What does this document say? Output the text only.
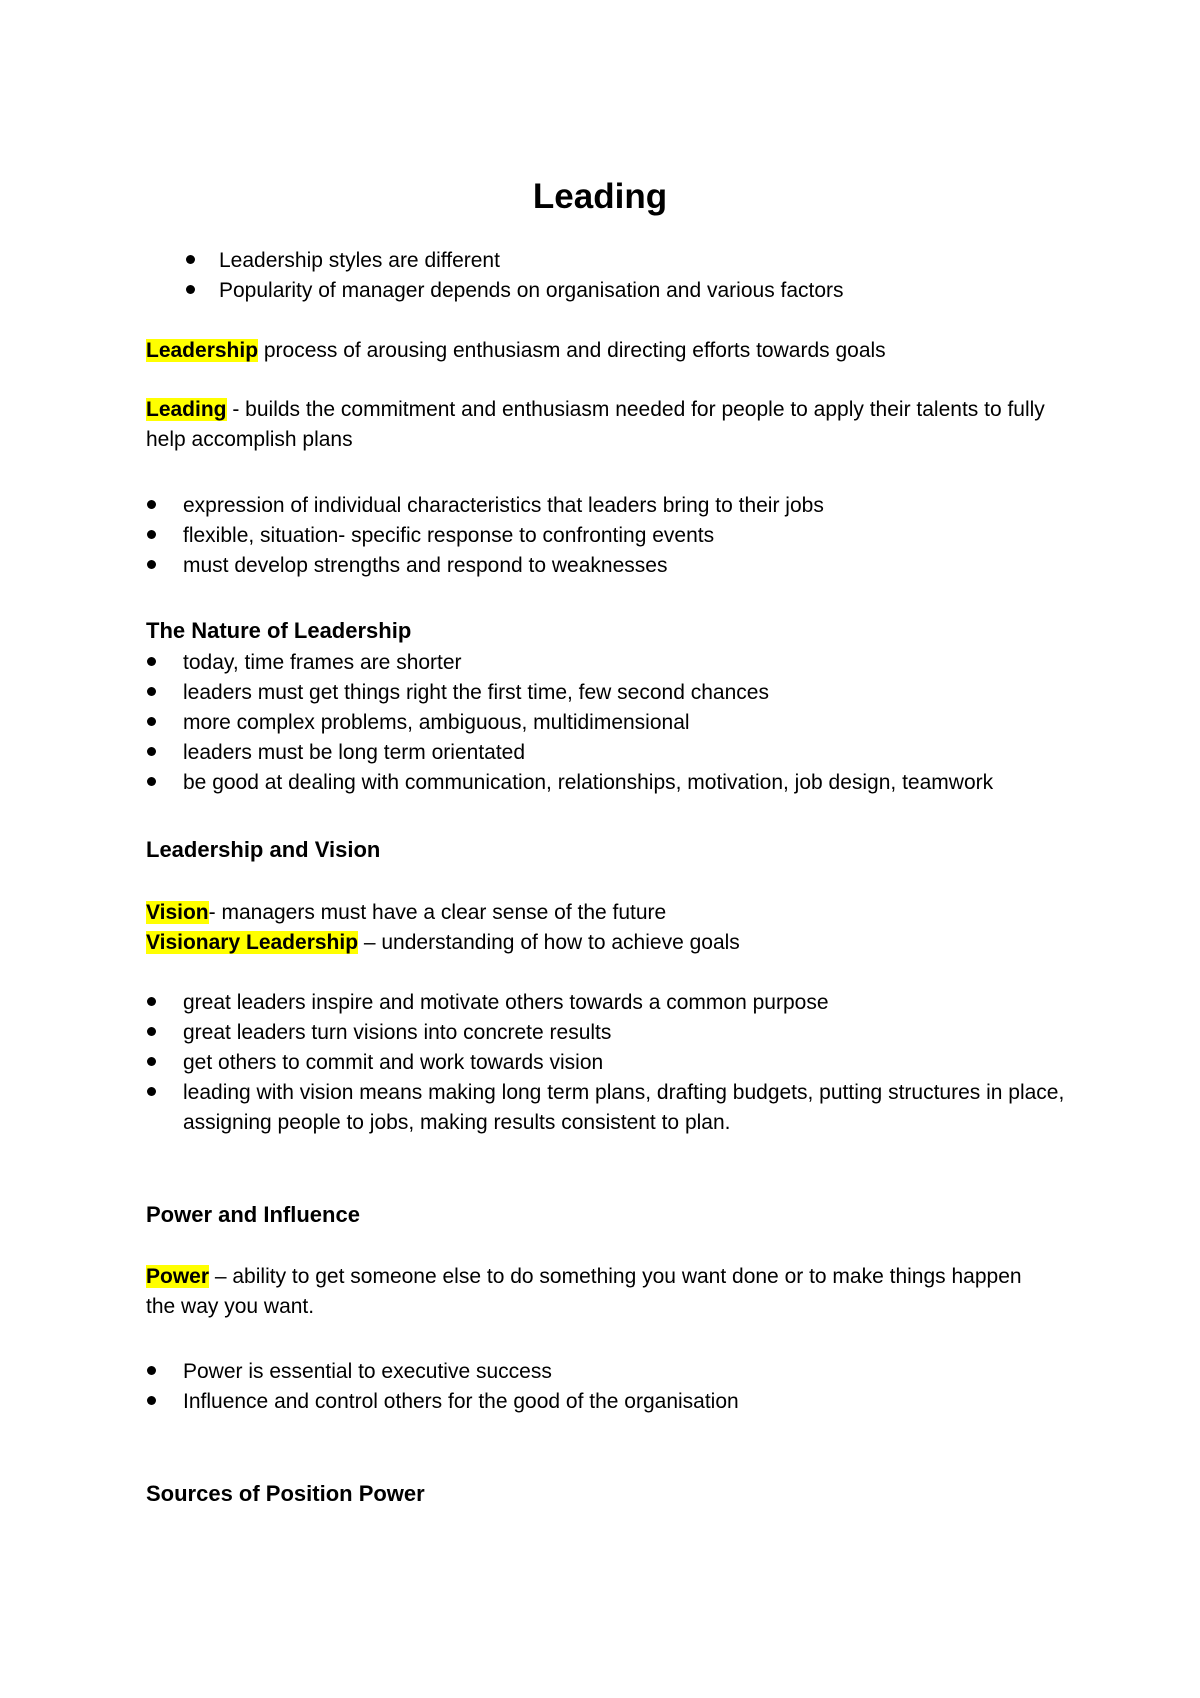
Leading
Leadership styles are different
Popularity of manager depends on organisation and various factors

Leadership process of arousing enthusiasm and directing efforts towards goals

Leading - builds the commitment and enthusiasm needed for people to apply their talents to fully help accomplish plans

expression of individual characteristics that leaders bring to their jobs
flexible, situation- specific response to confronting events
must develop strengths and respond to weaknesses
The Nature of Leadership
today, time frames are shorter
leaders must get things right the first time, few second chances
more complex problems, ambiguous, multidimensional
leaders must be long term orientated
be good at dealing with communication, relationships, motivation, job design, teamwork
Leadership and Vision

Vision- managers must have a clear sense of the future

Visionary Leadership – understanding of how to achieve goals

great leaders inspire and motivate others towards a common purpose
great leaders turn visions into concrete results
get others to commit and work towards vision
leading with vision means making long term plans, drafting budgets, putting structures in place, assigning people to jobs, making results consistent to plan.
Power and Influence

Power – ability to get someone else to do something you want done or to make things happen the way you want.

Power is essential to executive success
Influence and control others for the good of the organisation
Sources of Position Power
